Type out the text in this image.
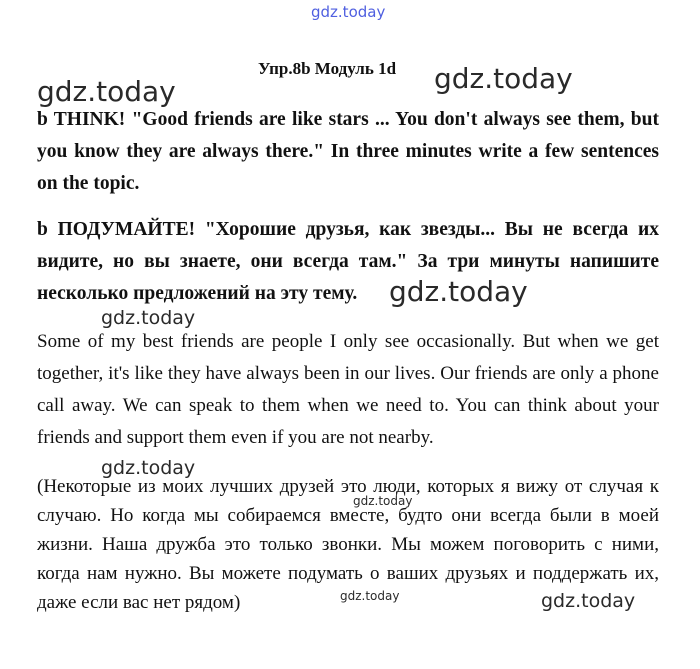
gdz.today
Упр.8b Модуль 1d gdz.today
gdz.today

b THINK! "Good friends are like stars ... You don't always see them, but you know they are always there." In three minutes write a few sentences on the topic.

b ПОДУМАЙТЕ! "Хорошие друзья, как звезды... Вы не всегда их видите, но вы знаете, они всегда там." За три минуты напишите несколько предложений на эту тему.	gdz.today
gdz.today

Some of my best friends are people I only see occasionally. But when we get together, it's like they have always been in our lives. Our friends are only a phone call away. We can speak to them when we need to. You can think about your friends and support them even if you are not nearby.

gdz.today

(Некоторые из моих лучших друзей это люди, которых я вижу от случая к случаю. Но когда мы собираемся вместе, будто они всегда были в моей жизни. Наша дружба это только звонки. Мы можем поговорить с ними, когда нам нужно. Вы можете подумать о ваших друзьях и поддержать их, даже если вас нет рядом)

gdz.today
gdz.today	gdz.today
